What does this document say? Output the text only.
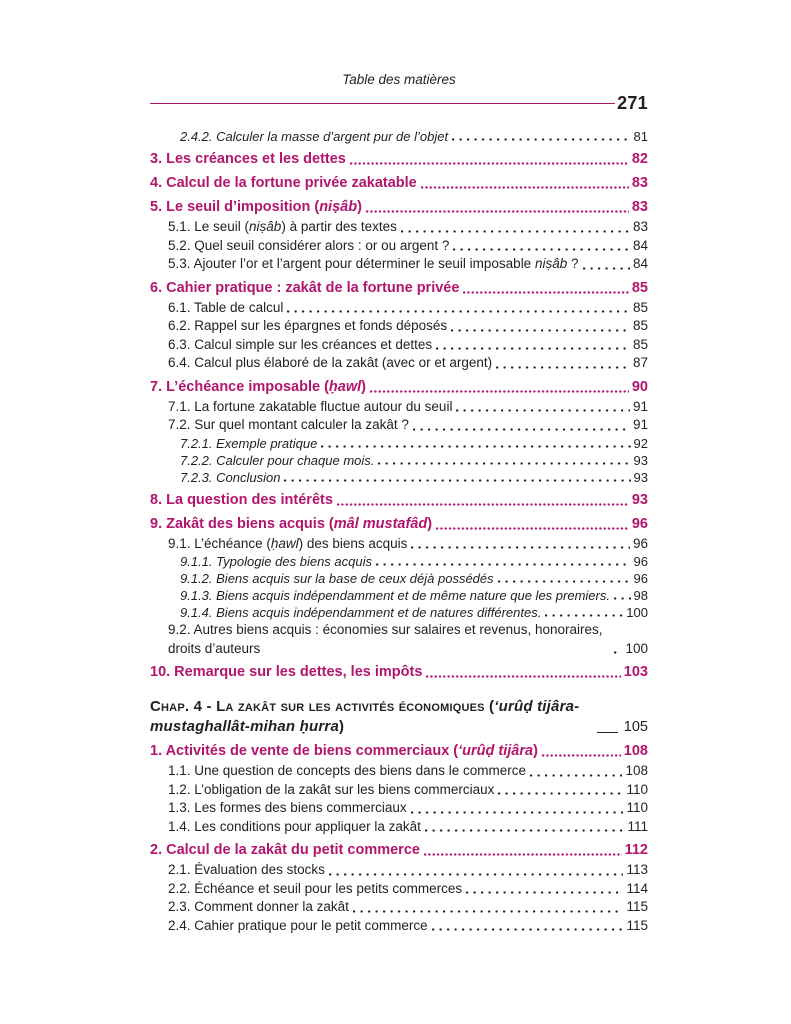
Table des matières
271
2.4.2. Calculer la masse d’argent pur de l’objet	81
3. Les créances et les dettes	82
4. Calcul de la fortune privée zakatable	83
5. Le seuil d’imposition (niṣâb)	83
5.1. Le seuil (niṣâb) à partir des textes	83
5.2. Quel seuil considérer alors : or ou argent ?	84
5.3. Ajouter l’or et l’argent pour déterminer le seuil imposable niṣâb ?	84
6. Cahier pratique : zakât de la fortune privée	85
6.1. Table de calcul	85
6.2. Rappel sur les épargnes et fonds déposés	85
6.3. Calcul simple sur les créances et dettes	85
6.4. Calcul plus élaboré de la zakât (avec or et argent)	87
7. L’échéance imposable (ḥawl)	90
7.1. La fortune zakatable fluctue autour du seuil	91
7.2. Sur quel montant calculer la zakât ?	91
7.2.1. Exemple pratique	92
7.2.2. Calculer pour chaque mois.	93
7.2.3. Conclusion	93
8. La question des intérêts	93
9. Zakât des biens acquis (mâl mustafâd)	96
9.1. L’échéance (ḥawl) des biens acquis	96
9.1.1. Typologie des biens acquis	96
9.1.2. Biens acquis sur la base de ceux déjà possédés	96
9.1.3. Biens acquis indépendamment et de même nature que les premiers. 98
9.1.4. Biens acquis indépendamment et de natures différentes.	100
9.2. Autres biens acquis : économies sur salaires et revenus, honoraires, droits d’auteurs	100
10. Remarque sur les dettes, les impôts	103
Chap. 4 - La zakât sur les activités économiques (‘urûḍ tijâra-mustaghallât-mihan ḥurra)	105
1. Activités de vente de biens commerciaux (‘urûḍ tijâra)	108
1.1. Une question de concepts des biens dans le commerce	108
1.2. L’obligation de la zakât sur les biens commerciaux	110
1.3. Les formes des biens commerciaux	110
1.4. Les conditions pour appliquer la zakât	111
2. Calcul de la zakât du petit commerce	112
2.1. Évaluation des stocks	113
2.2. Échéance et seuil pour les petits commerces	114
2.3. Comment donner la zakât	115
2.4. Cahier pratique pour le petit commerce	115
